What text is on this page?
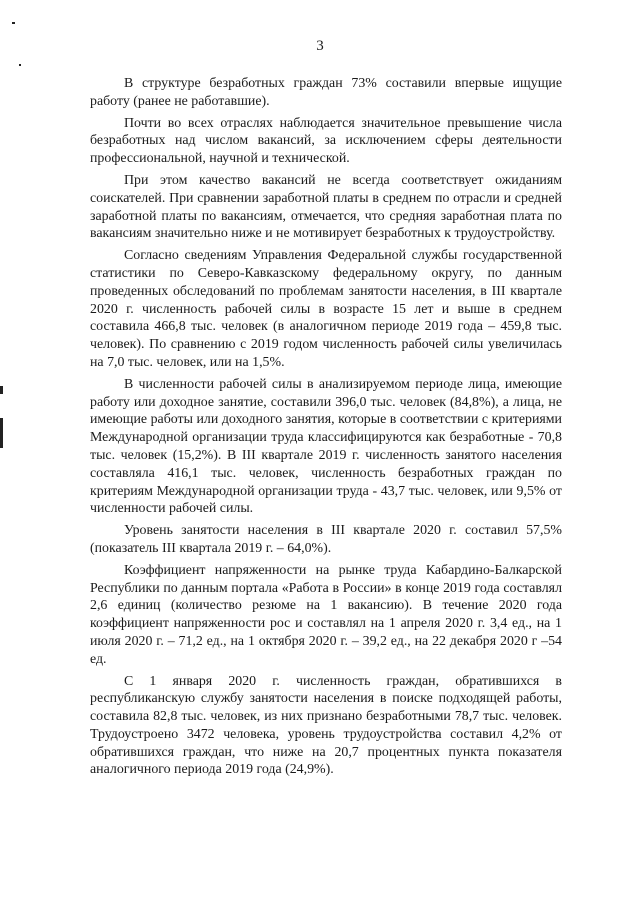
3

В структуре безработных граждан 73% составили впервые ищущие работу (ранее не работавшие).

Почти во всех отраслях наблюдается значительное превышение числа безработных над числом вакансий, за исключением сферы деятельности профессиональной, научной и технической.

При этом качество вакансий не всегда соответствует ожиданиям соискателей. При сравнении заработной платы в среднем по отрасли и средней заработной платы по вакансиям, отмечается, что средняя заработная плата по вакансиям значительно ниже и не мотивирует безработных к трудоустройству.

Согласно сведениям Управления Федеральной службы государственной статистики по Северо-Кавказскому федеральному округу, по данным проведенных обследований по проблемам занятости населения, в III квартале 2020 г. численность рабочей силы в возрасте 15 лет и выше в среднем составила 466,8 тыс. человек (в аналогичном периоде 2019 года – 459,8 тыс. человек). По сравнению с 2019 годом численность рабочей силы увеличилась на 7,0 тыс. человек, или на 1,5%.

В численности рабочей силы в анализируемом периоде лица, имеющие работу или доходное занятие, составили 396,0 тыс. человек (84,8%), а лица, не имеющие работы или доходного занятия, которые в соответствии с критериями Международной организации труда классифицируются как безработные - 70,8 тыс. человек (15,2%). В III квартале 2019 г. численность занятого населения составляла 416,1 тыс. человек, численность безработных граждан по критериям Международной организации труда - 43,7 тыс. человек, или 9,5% от численности рабочей силы.

Уровень занятости населения в III квартале 2020 г. составил 57,5% (показатель III квартала 2019 г. – 64,0%).

Коэффициент напряженности на рынке труда Кабардино-Балкарской Республики по данным портала «Работа в России» в конце 2019 года составлял 2,6 единиц (количество резюме на 1 вакансию). В течение 2020 года коэффициент напряженности рос и составлял на 1 апреля 2020 г. 3,4 ед., на 1 июля 2020 г. – 71,2 ед., на 1 октября 2020 г. – 39,2 ед., на 22 декабря 2020 г –54 ед.

С 1 января 2020 г. численность граждан, обратившихся в республиканскую службу занятости населения в поиске подходящей работы, составила 82,8 тыс. человек, из них признано безработными 78,7 тыс. человек. Трудоустроено 3472 человека, уровень трудоустройства составил 4,2% от обратившихся граждан, что ниже на 20,7 процентных пункта показателя аналогичного периода 2019 года (24,9%).
